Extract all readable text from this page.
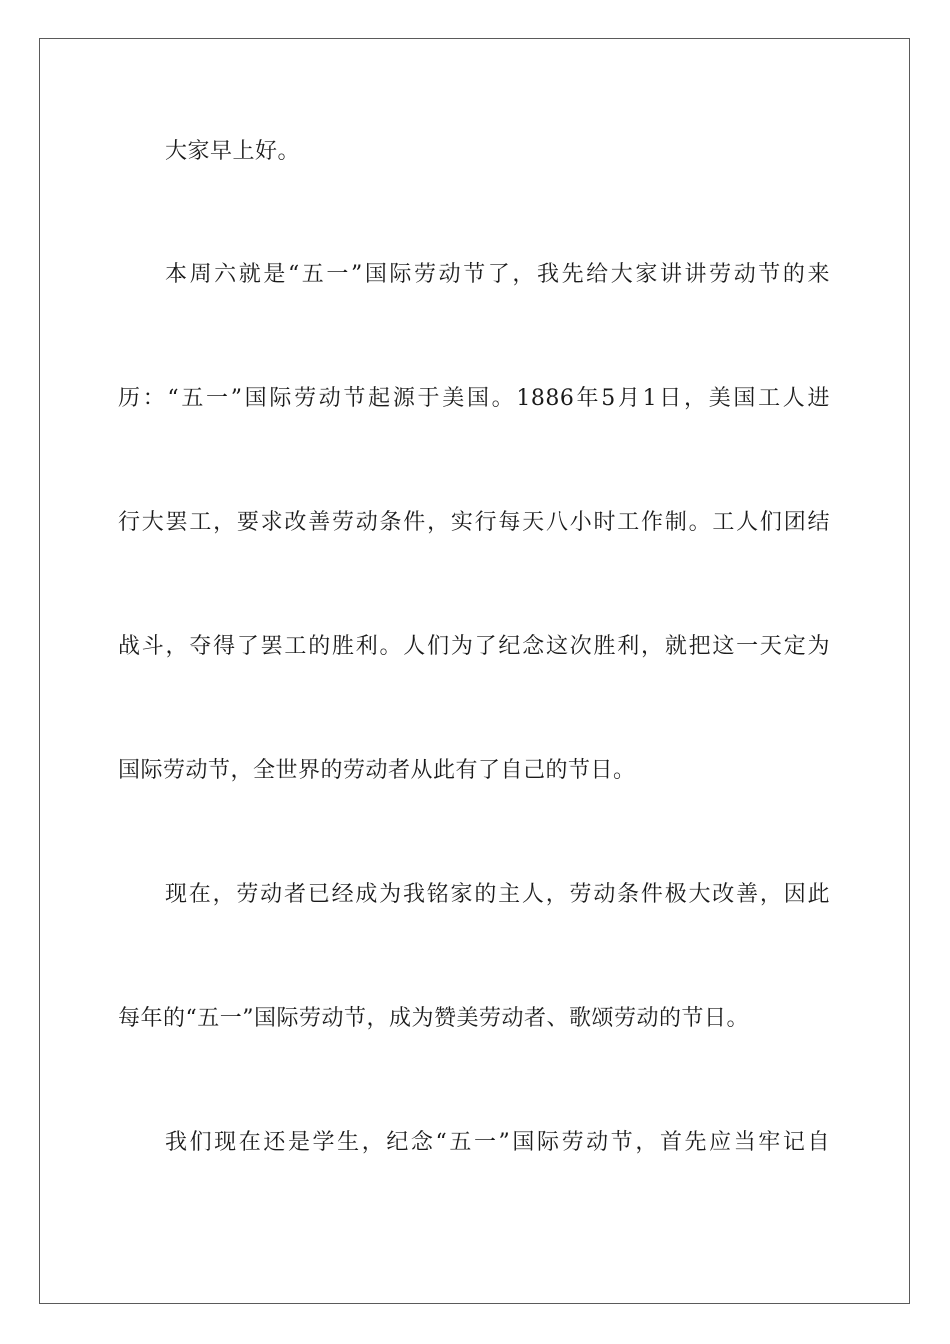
大家早上好。
本周六就是“五一”国际劳动节了，我先给大家讲讲劳动节的来
历：“五一”国际劳动节起源于美国。1886年5月1日，美国工人进
行大罢工，要求改善劳动条件，实行每天八小时工作制。工人们团结
战斗，夺得了罢工的胜利。人们为了纪念这次胜利，就把这一天定为
国际劳动节，全世界的劳动者从此有了自己的节日。
现在，劳动者已经成为我铭家的主人，劳动条件极大改善，因此
每年的“五一”国际劳动节，成为赞美劳动者、歌颂劳动的节日。
我们现在还是学生，纪念“五一”国际劳动节，首先应当牢记自
